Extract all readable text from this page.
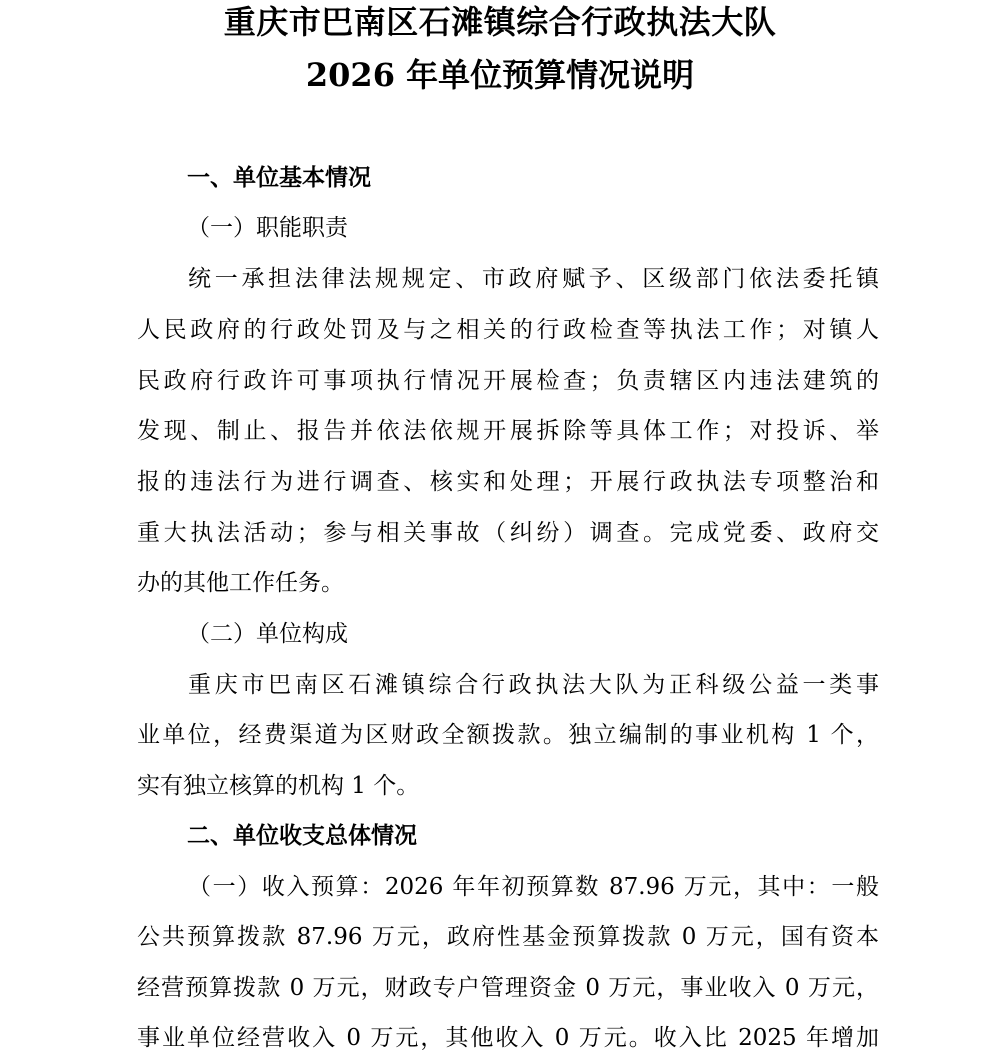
重庆市巴南区石滩镇综合行政执法大队
2026 年单位预算情况说明
一、单位基本情况
（一）职能职责
统一承担法律法规规定、市政府赋予、区级部门依法委托镇
人民政府的行政处罚及与之相关的行政检查等执法工作；对镇人
民政府行政许可事项执行情况开展检查；负责辖区内违法建筑的
发现、制止、报告并依法依规开展拆除等具体工作；对投诉、举
报的违法行为进行调查、核实和处理；开展行政执法专项整治和
重大执法活动；参与相关事故（纠纷）调查。完成党委、政府交
办的其他工作任务。
（二）单位构成
重庆市巴南区石滩镇综合行政执法大队为正科级公益一类事
业单位，经费渠道为区财政全额拨款。独立编制的事业机构 1 个，
实有独立核算的机构 1 个。
二、单位收支总体情况
（一）收入预算：2026 年年初预算数 87.96 万元，其中：一般
公共预算拨款 87.96 万元，政府性基金预算拨款 0 万元，国有资本
经营预算拨款 0 万元，财政专户管理资金 0 万元，事业收入 0 万元，
事业单位经营收入 0 万元，其他收入 0 万元。收入比 2025 年增加
